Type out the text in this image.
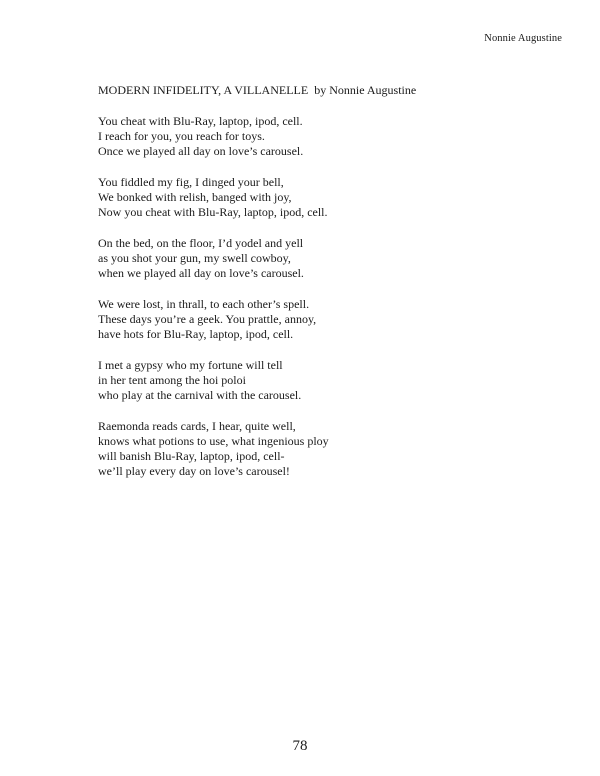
Nonnie Augustine
MODERN INFIDELITY, A VILLANELLE  by Nonnie Augustine
You cheat with Blu-Ray, laptop, ipod, cell.
I reach for you, you reach for toys.
Once we played all day on love’s carousel.
You fiddled my fig, I dinged your bell,
We bonked with relish, banged with joy,
Now you cheat with Blu-Ray, laptop, ipod, cell.
On the bed, on the floor, I’d yodel and yell
as you shot your gun, my swell cowboy,
when we played all day on love’s carousel.
We were lost, in thrall, to each other’s spell.
These days you’re a geek. You prattle, annoy,
have hots for Blu-Ray, laptop, ipod, cell.
I met a gypsy who my fortune will tell
in her tent among the hoi poloi
who play at the carnival with the carousel.
Raemonda reads cards, I hear, quite well,
knows what potions to use, what ingenious ploy
will banish Blu-Ray, laptop, ipod, cell-
we’ll play every day on love’s carousel!
78
